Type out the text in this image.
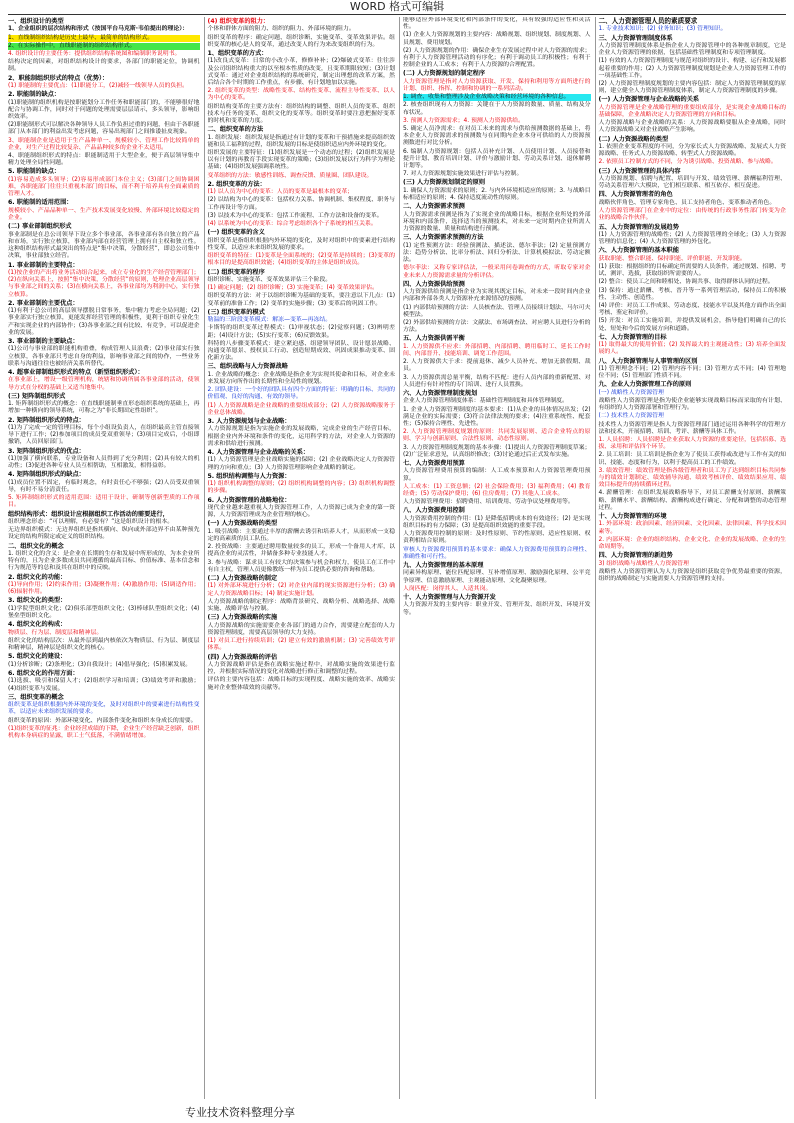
WORD 格式可编辑
一、组织设计的类型
1、企业组织的层次结构和形式（按国平台马克斯·韦伯提出的理论）：
1、直线制组织结构是历史上最早、最简单的结构形式。
2、在实际操作中，直线职能制的组织结构形式。
4. 组织设计的主要任务：提供组织结构系统图和编制职务说明书。
结构决定的因素，对组织结构设计的要求，各部门的职能定位，协调机制。
2、职能制组织形式的特点（优势）：
(1) 职能制的主要优点：(1)职能分工，(2)减轻一线领导人员的负担。
2. 职能制的缺点：
(1)职能制的组织机构是按职能划分工作任务和职能部门的，不能够很好地配合与协调工作，同时对于问题的处理需要层层请示，多头领导，影响组织效率。
(2)职能制形式可以解决各种领导人员工作负担过重的问题，但由于各职能部门从本部门的利益出发考虑问题，容易出现部门之间推诿扯皮现象。
3、职能制企业是适用于生产品种单一、规模较小、管理工作比较简单的企业，对生产过程比较复杂、产品品种较多的企业不太适用。
4、职能制组织形式的特点：职能制适用于大型企业，便于高层领导集中精力处理全局性问题。
5. 职能制的缺点：
(1)容易造成多头领导；(2)容易形成部门本位主义；(3)部门之间协调困难，各职能部门往往只重视本部门的目标，而不利于培养具有全面素质的管理人才。
6. 职能制的适用范围：
规模较小、产品品种单一、生产技术发展变化较慢、外部环境比较稳定的企业。
(二) 事业部制组织形式
事业部制是在总公司领导下设立多个事业部，各事业部有各自独立的产品和市场，实行独立核算，事业部内部在经营管理上拥有自主权和独立性。这种组织结构形式最突出的特点是“集中决策，分散经营”，即总公司集中决策，事业部独立经营。
1. 事业部制的主要特点：
(1)按企业的产出将业务活动组合起来，成立专业化的生产经营管理部门；(2)在纵向关系上，按照“集中决策，分散经营”的原则，处理企业高层领导与事业部之间的关系；(3)在横向关系上，各事业部均为利润中心，实行独立核算。
2. 事业部制的主要优点：
(1)有利于总公司的高层领导摆脱日常事务，集中精力考虑全局问题；(2)事业部实行独立核算，更能发挥经营管理的积极性，更利于组织专业化生产和实现企业的内部协作；(3)各事业部之间有比较、有竞争，可以促进企业的发展。
3. 事业部制的主要缺点：
(1)公司与事业部的职能机构重叠，构成管理人员浪费；(2)事业部实行独立核算，各事业部只考虑自身的利益，影响事业部之间的协作，一些业务联系与沟通往往也被经济关系所替代。
4. 超事业部制组织形式的特点（新型组织形式）：
在事业部上，增设一级管理机构，统辖和协调所属各事业部的活动，使领导方式在分权的基础上又适当地集中。
(三) 矩阵制组织形式
1. 矩阵制组织形式的概念：在直线职能制垂直形态组织系统的基础上，再增加一种横向的领导系统，可称之为“非长期固定性组织”。
2. 矩阵制组织形式的特点：
(1)为了完成一定的管理目标，每个小组设负责人，在组织最高主管直接领导下进行工作；(2)参加项目的成员受双重领导；(3)项目完成后，小组即撤销，人员回原部门。
3. 矩阵制组织形式的优点：
(1)加强了横向联系，专业设备和人员得到了充分利用；(2)具有较大的机动性；(3)促进各种专业人员互相帮助，互相激发，相得益彰。
4. 矩阵制组织形式的缺点：
(1)成员位置不固定，有临时观念，有时责任心不够强；(2)人员受双重领导，有时不易分清责任。
5. 矩阵制组织形式的适用范围：适用于设计、研制等创新型质的工作项目。
组织结构形式：组织设计应根据组织工作活动的需要进行，
组织理念形态：“可以理解，有必要有？”这是组织设计的根本。
无边界组织模式：无边界组织是指其横向、纵向或外部边界不由某种预先设定的结构所限定或定义的组织结构。
二、组织文化的概念
1. 组织文化的含义：是企业在长期的生存和发展中所形成的、为本企业所特有的，且为企业多数成员共同遵循的最高目标、价值标准、基本信念和行为规范等的总和及其在组织中的反映。
2. 组织文化的功能：
(1)导向作用；(2)约束作用；(3)凝聚作用；(4)激励作用；(5)调适作用；(6)辐射作用。
3. 组织文化的类型：
(1)学院型组织文化；(2)俱乐部型组织文化；(3)棒球队型组织文化；(4)堡垒型组织文化。
4. 组织文化的构成：
物质层、行为层、制度层和精神层。
组织文化的结构层次：从最外层到最内核依次为物质层、行为层、制度层和精神层，精神层是组织文化的核心。
5. 组织文化的建设：
(1)分析诊断；(2)条理化；(3)自我设计；(4)倡导强化；(5)积累发展。
6. 组织文化的作用方面：
(1)选拔、吸引和保留人才；(2)组织学习和培训；(3)绩效考评和激励；(4)组织变革与发展。
三、组织变革的概念
组织变革是组织根据内外环境的变化，及时对组织中的要素进行结构性变革，以适应未来组织发展的要求。
组织变革的原因：外部环境变化、内部条件变化和组织本身成长的需要。
(1)组织变革的征兆：企业经营成绩的下降，企业生产经营缺乏创新，组织机构本身病症的显露，职工士气低落，不满情绪增加。
(4) 组织变革的阻力：
个体和群体方面的阻力、组织的阻力、外部环境的阻力。
组织变革的程序：确定问题、组织诊断、实施变革、变革效果评估。组织变革的核心是人的变革，通过改变人的行为来改变组织的行为。
1、组织变革的方式：
(1)改良式变革：日常的小改小革，修修补补；(2)爆破式变革：往往涉及公司组织结构重大的以至根本性质的改变，且变革期限较短；(3)计划式变革：通过对企业组织结构的系统研究，制定出理想的改革方案，然后结合各个时期的工作重点，有步骤、有计划地加以实施。
2. 组织变革的类型：战略性变革、结构性变革、流程主导性变革、以人为中心的变革。
组织结构变革的主要方法有：组织结构的调整、组织人员的变革、组织技术与任务的变革、组织文化的变革等。组织变革时要注意把握好变革的时机和变革的力度。
二、组织变革的方法
1. 组织发展：组织发展是指通过有计划的变革和干预措施来提高组织效能和员工福利的过程，组织发展的目标是使组织适应内外环境的变化。
组织发展的主要特征：(1)组织发展是一个动态的过程；(2)组织发展是以有计划的再教育手段实现变革的策略；(3)组织发展以行为科学为理论基础；(4)组织发展强调系统性。
变革组织的方法：敏感性训练、调查反馈、质量圈、团队建设。
2. 组织变革的方法：
(1) 以人员为中心的变革：人员的变革是最根本的变革；
(2) 以结构为中心的变革：包括权力关系、协调机制、集权程度、职务与工作再设计等方面。
(3) 以技术为中心的变革：包括工作流程、工作方法和设备的变革。
(4) 以系统为中心的变革：综合考虑组织各个子系统的相互关系。
(一) 组织变革的含义
组织变革是指组织根据内外环境的变化，及时对组织中的要素进行结构性变革，以适应未来组织发展的要求。
组织变革的特征：(1)变革是全面系统的；(2)变革是持续的；(3)变革的根本目的是提高组织效能；(4)组织变革的主体是组织成员。
(二) 组织变革的程序
组织诊断、实施变革、变革效果评估三个阶段。
(1) 确定问题；(2) 组织诊断；(3) 实施变革；(4) 变革效果评估。
组织变革的方法：对于以组织诊断为基础的变革，要注意以下几点：(1) 变革前的准备工作；(2) 变革的实施步骤；(3) 变革后的巩固工作。
(三) 组织变革的模式
勒温的三阶段变革模式：解冻—变革—再冻结。
卡斯特的组织变革过程模式：(1)审视状态；(2)觉察问题；(3)辨明差距；(4)设计方法；(5)实行变革；(6)反馈效果。
科特的八步骤变革模式：建立紧迫感、组建领导团队、设计愿景战略、沟通变革愿景、授权员工行动、创造短期成效、巩固成果推动变革、固化新方法。
三、组织战略与人力资源战略
1. 企业战略的概念：企业战略是指企业为实现其使命和目标，对企业未来发展方向所作出的长期性和全局性的规划。
2. 团队建设：一个好的团队具有四个方面的特征：明确的目标、共同的价值观、良好的沟通、有效的领导。
(1) 人力资源战略是企业战略的重要组成部分；(2) 人力资源战略服务于企业总体战略。
3. 人力资源规划与企业战略：
人力资源规划是指为实施企业的发展战略，完成企业的生产经营目标，根据企业内外环境和条件的变化，运用科学的方法，对企业人力资源的需求和供给进行预测。
4. 人力资源管理与企业战略的关系：
(1) 人力资源管理是企业战略实施的保障；(2) 企业战略决定人力资源管理的方向和重点；(3) 人力资源管理影响企业战略的制定。
5. 组织结构调整与人力资源：
(1) 组织机构调整的原则；(2) 组织机构调整的内容；(3) 组织机构调整的步骤。
6. 人力资源管理的战略地位：
现代企业越来越重视人力资源管理工作，人力资源已成为企业的第一资源，人力资源管理成为企业管理的核心。
(一) 人力资源战略的类型
1. 吸引战略：主要通过丰厚的薪酬去诱引和培养人才，从而形成一支稳定的高素质的员工队伍。
2. 投资战略：主要通过聘用数量较多的员工，形成一个备用人才库，以提高企业的灵活性，并储备多种专业技能人才。
3. 参与战略：谋求员工有较大的决策参与机会和权力，使员工在工作中有自主权，管理人员更像教练一样为员工提供必要的咨询和帮助。
(二) 人力资源战略的制定
(1) 对外部环境进行分析；(2) 对企业内部的现实资源进行分析；(3) 确定人力资源战略目标；(4) 制定实施计划。
人力资源战略的制定程序：战略背景研究、战略分析、战略选择、战略实施、战略评估与控制。
(三) 人力资源战略的实施
人力资源战略的实施需要企业各部门的通力合作，需要建立配套的人力资源管理制度，需要高层领导的大力支持。
(1) 对员工进行持续培训；(2) 建立有效的激励机制；(3) 完善绩效考评体系。
(四) 人力资源战略的评估
人力资源战略评估是指在战略实施过程中，对战略实施的效果进行监控，并根据实际情况的变化对战略进行修正和调整的过程。
评估的主要内容包括：战略目标的实现程度、战略实施的效率、战略实施对企业整体绩效的贡献等。
能够适应外部环境变化和内部条件的变化，具有较强的适应性和灵活性。
(1) 企业人力资源规划的主要内容：战略规划、组织规划、制度规划、人员规划、费用规划。
(2) 人力资源规划的作用：确保企业生存发展过程中对人力资源的需求；有利于人力资源管理活动的有序化；有利于调动员工的积极性；有利于控制企业的人工成本；有利于人力资源的合理配置。
(二) 人力资源规划的制定程序
人力资源管理是指对人力资源获取、开发、保持和利用等方面所进行的计划、组织、指挥、控制和协调的一系列活动。
1. 调查、收集和整理涉及企业战略决策和经营环境的各种信息。
2. 核查组织现有人力资源：关键在于人力资源的数量、质量、结构及分布状况。
3. 预测人力资源需求；4. 预测人力资源供给。
5. 确定人员净需求：在对员工未来的需求与供给预测数据的基础上，将本企业人力资源需求的预测数与在同期内企业本身可供给的人力资源预测数进行对比分析。
6. 编制人力资源规划：包括人员补充计划、人员使用计划、人员接替和提升计划、教育培训计划、评价与激励计划、劳动关系计划、退休解聘计划等。
7. 对人力资源规划实施效果进行评估与控制。
(三) 人力资源规划制定的原则
1. 确保人力资源需求的原则；2. 与内外环境相适应的原则；3. 与战略目标相适应的原则；4. 保持适度流动性的原则。
二、人力资源需求预测
人力资源需求预测是指为了实现企业的战略目标，根据企业所处的外部环境和内部条件，选择适当的预测技术，对未来一定时期内企业所需人力资源的数量、质量和结构进行预测。
三、人力资源需求预测的方法
(1) 定性预测方法：经验预测法、描述法、德尔菲法；(2) 定量预测方法：趋势分析法、比率分析法、回归分析法、计算机模拟法、劳动定额法。
德尔菲法：又称专家评估法，一般采用问卷调查的方式，听取专家对企业未来人力资源需求量的分析评估。
四、人力资源供给预测
人力资源供给预测是指企业为实现其既定目标，对未来一段时间内企业内部和外部各类人力资源补充来源情况的预测。
(1) 内部供给预测的方法：人员核查法、管理人员接续计划法、马尔可夫模型法。
(2) 外部供给预测的方法：文献法、市场调查法、对应聘人员进行分析的方法。
五、人力资源供需平衡
1. 人力资源供不应求：外部招聘、内部招聘、聘用临时工、延长工作时间、内部晋升、技能培训、调宽工作范围。
2. 人力资源供大于求：提前退休、减少人员补充、增加无薪假期、裁员。
3. 人力资源供需总量平衡，结构不匹配：进行人员内部的重新配置、对人员进行有针对性的专门培训、进行人员置换。
六、人力资源管理制度规划
企业人力资源管理制度体系：基础性管理制度和具体管理制度。
1. 企业人力资源管理制度的基本要求：(1)从企业的具体情况出发；(2)满足企业的实际需要；(3)符合法律法规的要求；(4)注重系统性、配套性；(5)保持合理性、先进性。
2. 人力资源管理制度规划的原则：共同发展原则、适合企业特点的原则、学习与创新原则、合法性原则、动态性原则。
3. 人力资源管理制度规划的基本步骤：(1)提出人力资源管理制度草案；(2)广泛征求意见，认真组织修改；(3)讨论通过后正式发布实施。
七、人力资源费用预算
人力资源管理费用预算的编制：人工成本预算和人力资源管理费用预算。
人工成本：(1) 工资总额；(2) 社会保险费用；(3) 福利费用；(4) 教育经费；(5) 劳动保护费用；(6) 住房费用；(7) 其他人工成本。
人力资源管理费用：招聘费用、培训费用、劳动争议处理费用等。
八、人力资源费用控制
人力资源费用控制的作用：(1) 是降低招聘成本的有效途径；(2) 是实现组织目标的有力保障；(3) 是提高组织效能的重要手段。
人力资源费用控制的原则：及时性原则、节约性原则、适应性原则、权责利相结合原则。
审核人力资源费用预算的基本要求：确保人力资源费用预算的合理性、准确性和可行性。
九、人力资源管理的基本原理
同素异构原理、能位匹配原理、互补增值原理、激励强化原理、公平竞争原理、信息激励原理、主观能动原理、文化凝聚原理。
人岗匹配：岗得其人、人适其岗。
十、人力资源管理与人力资源开发
人力资源开发的主要内容：职业开发、管理开发、组织开发、环境开发等。
二、人力资源管理人员的素质要求
1. 专业技术知识；(2) 业务知识；(3) 管理知识。
三、人力资源管理制度体系
人力资源管理制度体系是指企业人力资源管理中的各种规章制度，它是企业人力资源管理的依据，包括基础性管理制度和专项管理制度。
(1) 有效的人力资源管理制度与规范对组织的设计、构建、运行和发展都起着重要的作用；(2) 人力资源管理制度规划是企业人力资源管理工作的一项基础性工作。
(2) 人力资源管理制度规划的主要内容包括：制定人力资源管理制度的原则，建立健全人力资源管理制度体系，制定人力资源管理制度的步骤。
(一) 人力资源管理与企业战略的关系
人力资源管理是企业战略管理的重要组成部分，是实现企业战略目标的基础保障，企业战略决定人力资源管理的方向和目标。
人力资源战略与企业战略的关系：人力资源战略要服从企业战略，同时人力资源战略又对企业战略产生影响。
(二) 人力资源战略的类型
1. 依照企业变革程度的不同，分为家长式人力资源战略、发展式人力资源战略、任务式人力资源战略、转型式人力资源战略。
2. 依照员工控制方式的不同，分为诱引战略、投资战略、参与战略。
(三) 人力资源管理的具体内容
人力资源规划、招聘与配置、培训与开发、绩效管理、薪酬福利管理、劳动关系管理六大模块，它们相互联系、相互依存、相互促进。
四、人力资源管理者的角色
战略伙伴角色、管理专家角色、员工支持者角色、变革推动者角色。
人力资源管理部门在企业中的定位：由传统的行政事务性部门转变为企业的战略合作伙伴。
五、人力资源管理的发展趋势
(1) 人力资源管理的战略性；(2) 人力资源管理的全球化；(3) 人力资源管理的信息化；(4) 人力资源管理的外包化。
六、人力资源管理的基本职能
获取职能、整合职能、保持职能、评价职能、开发职能。
(1) 获取：根据组织的目标确定所需要的人员条件，通过规划、招聘、考试、测评、选拔，获取组织所需要的人。
(2) 整合：使员工之间和睦相处、协调共事、取得群体认同的过程。
(3) 保持：通过薪酬、考核、晋升等一系列管理活动，保持员工的积极性、主动性、创造性。
(4) 评价：对员工工作成果、劳动态度、技能水平以及其他方面作出全面考核、鉴定和评价。
(5) 开发：对员工实施培训，并提供发展机会，指导他们明确自己的长处、短处和今后的发展方向和道路。
七、人力资源管理的目标
(1) 取得最大的使用价值；(2) 发挥最大的主观能动性；(3) 培养全面发展的人。
八、人力资源管理与人事管理的区别
(1) 管理理念不同；(2) 管理内容不同；(3) 管理方式不同；(4) 管理地位不同；(5) 管理部门性质不同。
九、企业人力资源管理工作的原则
(一) 战略性人力资源管理
战略性人力资源管理是指为使企业能够实现战略目标而采取的有计划、有组织的人力资源部署和管理行为。
(二) 技术性人力资源管理
技术性人力资源管理是指人力资源管理部门通过运用各种科学的管理方法和技术，开展招聘、培训、考评、薪酬等具体工作。
1. 人员招聘：人员招聘是企业获取人力资源的重要途径，包括招募、选拔、录用和评估四个环节。
2. 员工培训：员工培训是指企业为了使员工获得或改进与工作有关的知识、技能、态度和行为，以利于提高员工的工作绩效。
3. 绩效管理：绩效管理是指各级管理者和员工为了达到组织目标共同参与的绩效计划制定、绩效辅导沟通、绩效考核评价、绩效结果应用、绩效目标提升的持续循环过程。
4. 薪酬管理：在组织发展战略指导下，对员工薪酬支付原则、薪酬策略、薪酬水平、薪酬结构、薪酬构成进行确定、分配和调整的动态管理过程。
十、人力资源管理的环境
1. 外部环境：政治因素、经济因素、文化因素、法律因素、科学技术因素等。
2. 内部环境：企业的组织结构、企业文化、企业的发展战略、企业的生命周期等。
四、人力资源管理的新趋势
3) 组织战略与战略性人力资源管理
战略性人力资源管理认为人力资源是组织获取竞争优势最重要的资源，组织的战略制定与实施需要人力资源管理的支持。
专业技术资料整理分享
